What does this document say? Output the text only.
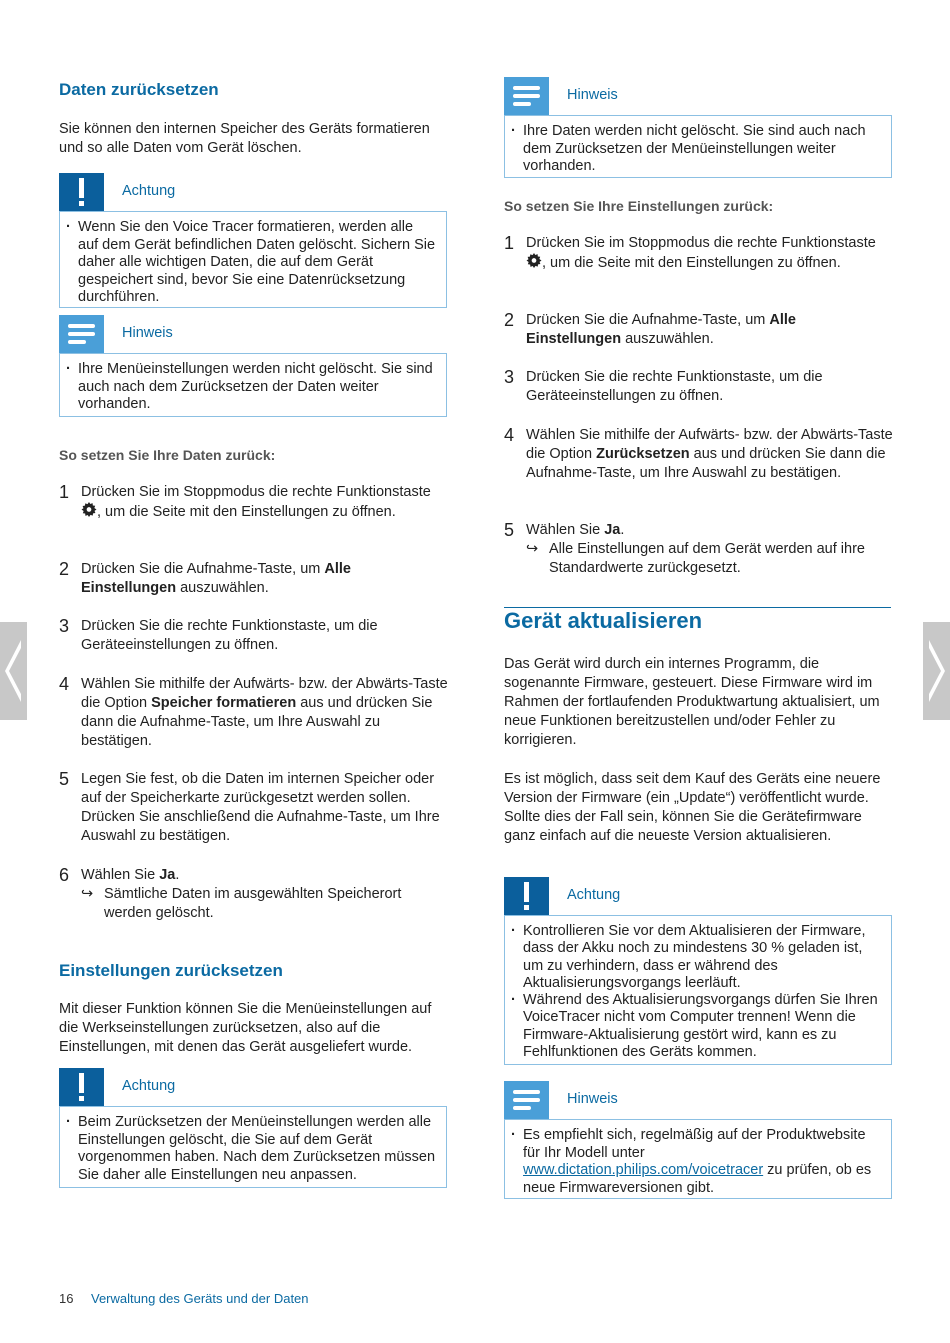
Daten zurücksetzen
Sie können den internen Speicher des Geräts formatieren und so alle Daten vom Gerät löschen.
Achtung
· Wenn Sie den Voice Tracer formatieren, werden alle auf dem Gerät befindlichen Daten gelöscht. Sichern Sie daher alle wichtigen Daten, die auf dem Gerät gespeichert sind, bevor Sie eine Datenrücksetzung durchführen.
Hinweis
· Ihre Menüeinstellungen werden nicht gelöscht. Sie sind auch nach dem Zurücksetzen der Daten weiter vorhanden.
So setzen Sie Ihre Daten zurück:
1 Drücken Sie im Stoppmodus die rechte Funktionstaste , um die Seite mit den Einstellungen zu öffnen.
2 Drücken Sie die Aufnahme-Taste, um Alle Einstellungen auszuwählen.
3 Drücken Sie die rechte Funktionstaste, um die Geräteeinstellungen zu öffnen.
4 Wählen Sie mithilfe der Aufwärts- bzw. der Abwärts-Taste die Option Speicher formatieren aus und drücken Sie dann die Aufnahme-Taste, um Ihre Auswahl zu bestätigen.
5 Legen Sie fest, ob die Daten im internen Speicher oder auf der Speicherkarte zurückgesetzt werden sollen. Drücken Sie anschließend die Aufnahme-Taste, um Ihre Auswahl zu bestätigen.
6 Wählen Sie Ja.
↪ Sämtliche Daten im ausgewählten Speicherort werden gelöscht.
Einstellungen zurücksetzen
Mit dieser Funktion können Sie die Menüeinstellungen auf die Werkseinstellungen zurücksetzen, also auf die Einstellungen, mit denen das Gerät ausgeliefert wurde.
Achtung
· Beim Zurücksetzen der Menüeinstellungen werden alle Einstellungen gelöscht, die Sie auf dem Gerät vorgenommen haben. Nach dem Zurücksetzen müssen Sie daher alle Einstellungen neu anpassen.
Hinweis
· Ihre Daten werden nicht gelöscht. Sie sind auch nach dem Zurücksetzen der Menüeinstellungen weiter vorhanden.
So setzen Sie Ihre Einstellungen zurück:
1 Drücken Sie im Stoppmodus die rechte Funktionstaste , um die Seite mit den Einstellungen zu öffnen.
2 Drücken Sie die Aufnahme-Taste, um Alle Einstellungen auszuwählen.
3 Drücken Sie die rechte Funktionstaste, um die Geräteeinstellungen zu öffnen.
4 Wählen Sie mithilfe der Aufwärts- bzw. der Abwärts-Taste die Option Zurücksetzen aus und drücken Sie dann die Aufnahme-Taste, um Ihre Auswahl zu bestätigen.
5 Wählen Sie Ja.
↪ Alle Einstellungen auf dem Gerät werden auf ihre Standardwerte zurückgesetzt.
Gerät aktualisieren
Das Gerät wird durch ein internes Programm, die sogenannte Firmware, gesteuert. Diese Firmware wird im Rahmen der fortlaufenden Produktwartung aktualisiert, um neue Funktionen bereitzustellen und/oder Fehler zu korrigieren.
Es ist möglich, dass seit dem Kauf des Geräts eine neuere Version der Firmware (ein „Update“) veröffentlicht wurde. Sollte dies der Fall sein, können Sie die Gerätefirmware ganz einfach auf die neueste Version aktualisieren.
Achtung
· Kontrollieren Sie vor dem Aktualisieren der Firmware, dass der Akku noch zu mindestens 30 % geladen ist, um zu verhindern, dass er während des Aktualisierungsvorgangs leerläuft.
· Während des Aktualisierungsvorgangs dürfen Sie Ihren VoiceTracer nicht vom Computer trennen! Wenn die Firmware-Aktualisierung gestört wird, kann es zu Fehlfunktionen des Geräts kommen.
Hinweis
· Es empfiehlt sich, regelmäßig auf der Produktwebsite für Ihr Modell unter www.dictation.philips.com/voicetracer zu prüfen, ob es neue Firmwareversionen gibt.
16 Verwaltung des Geräts und der Daten
